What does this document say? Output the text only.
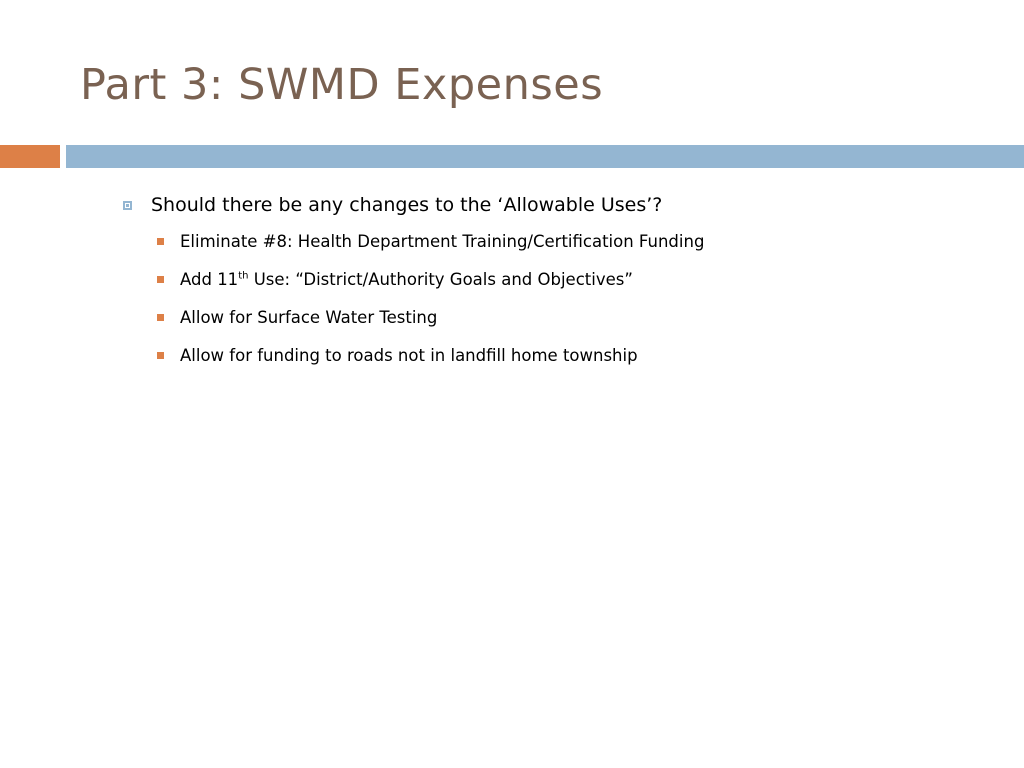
Part 3: SWMD Expenses
Should there be any changes to the ‘Allowable Uses’?
Eliminate #8: Health Department Training/Certification Funding
Add 11th Use: “District/Authority Goals and Objectives”
Allow for Surface Water Testing
Allow for funding to roads not in landfill home township
